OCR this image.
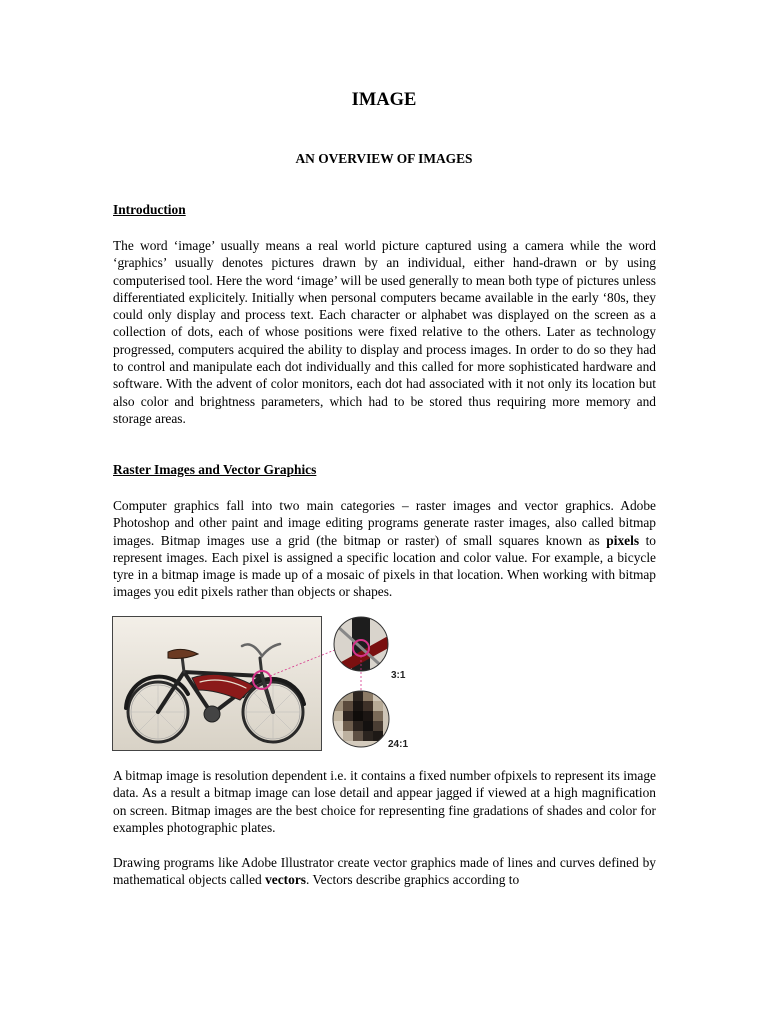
IMAGE
AN OVERVIEW OF IMAGES
Introduction

The word ‘image’ usually means a real world picture captured using a camera while the word ‘graphics’ usually denotes pictures drawn by an individual, either hand-drawn or by using computerised tool. Here the word ‘image’ will be used generally to mean both type of pictures unless differentiated explicitely. Initially when personal computers became available in the early ‘80s, they could only display and process text. Each character or alphabet was displayed on the screen as a collection of dots, each of whose positions were fixed relative to the others. Later as technology progressed, computers acquired the ability to display and process images. In order to do so they had to control and manipulate each dot individually and this called for more sophisticated hardware and software. With the advent of color monitors, each dot had associated with it not only its location but also color and brightness parameters, which had to be stored thus requiring more memory and storage areas.

Raster Images and Vector Graphics

Computer graphics fall into two main categories – raster images and vector graphics. Adobe Photoshop and other paint and image editing programs generate raster images, also called bitmap images. Bitmap images use a grid (the bitmap or raster) of small squares known as pixels to represent images. Each pixel is assigned a specific location and color value. For example, a bicycle tyre in a bitmap image is made up of a mosaic of pixels in that location. When working with bitmap images you edit pixels rather than objects or shapes.

3:1
24:1

A bitmap image is resolution dependent i.e. it contains a fixed number ofpixels to represent its image data. As a result a bitmap image can lose detail and appear jagged if viewed at a high magnification on screen. Bitmap images are the best choice for representing fine gradations of shades and color for examples photographic plates.

Drawing programs like Adobe Illustrator create vector graphics made of lines and curves defined by mathematical objects called vectors. Vectors describe graphics according to
